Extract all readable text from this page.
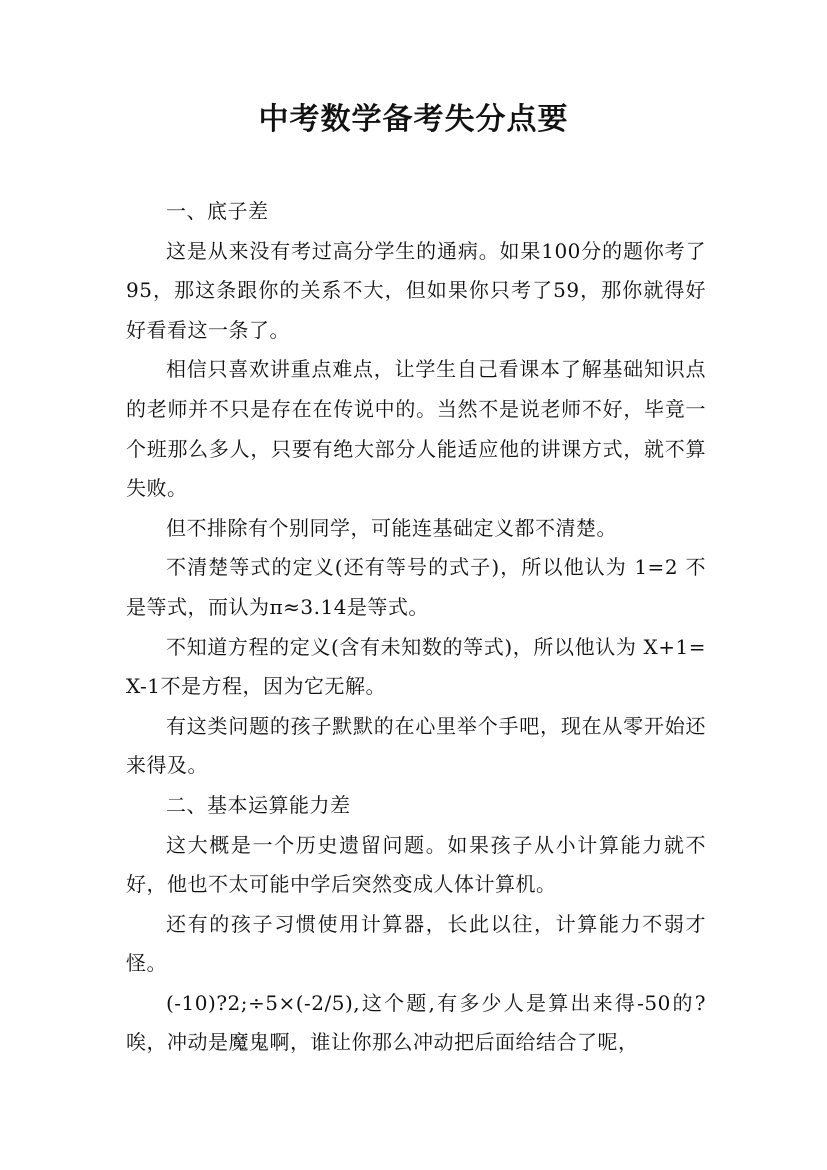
中考数学备考失分点要

一、底子差

这是从来没有考过高分学生的通病。如果100分的题你考了95，那这条跟你的关系不大，但如果你只考了59，那你就得好好看看这一条了。

相信只喜欢讲重点难点，让学生自己看课本了解基础知识点的老师并不只是存在在传说中的。当然不是说老师不好，毕竟一个班那么多人，只要有绝大部分人能适应他的讲课方式，就不算失败。

但不排除有个别同学，可能连基础定义都不清楚。

不清楚等式的定义(还有等号的式子)，所以他认为 1=2 不是等式，而认为π≈3.14是等式。

不知道方程的定义(含有未知数的等式)，所以他认为 X+1=X-1不是方程，因为它无解。

有这类问题的孩子默默的在心里举个手吧，现在从零开始还来得及。

二、基本运算能力差

这大概是一个历史遗留问题。如果孩子从小计算能力就不好，他也不太可能中学后突然变成人体计算机。

还有的孩子习惯使用计算器，长此以往，计算能力不弱才怪。

(-10)?2;÷5×(-2/5),这个题,有多少人是算出来得-50的?唉，冲动是魔鬼啊，谁让你那么冲动把后面给结合了呢，
